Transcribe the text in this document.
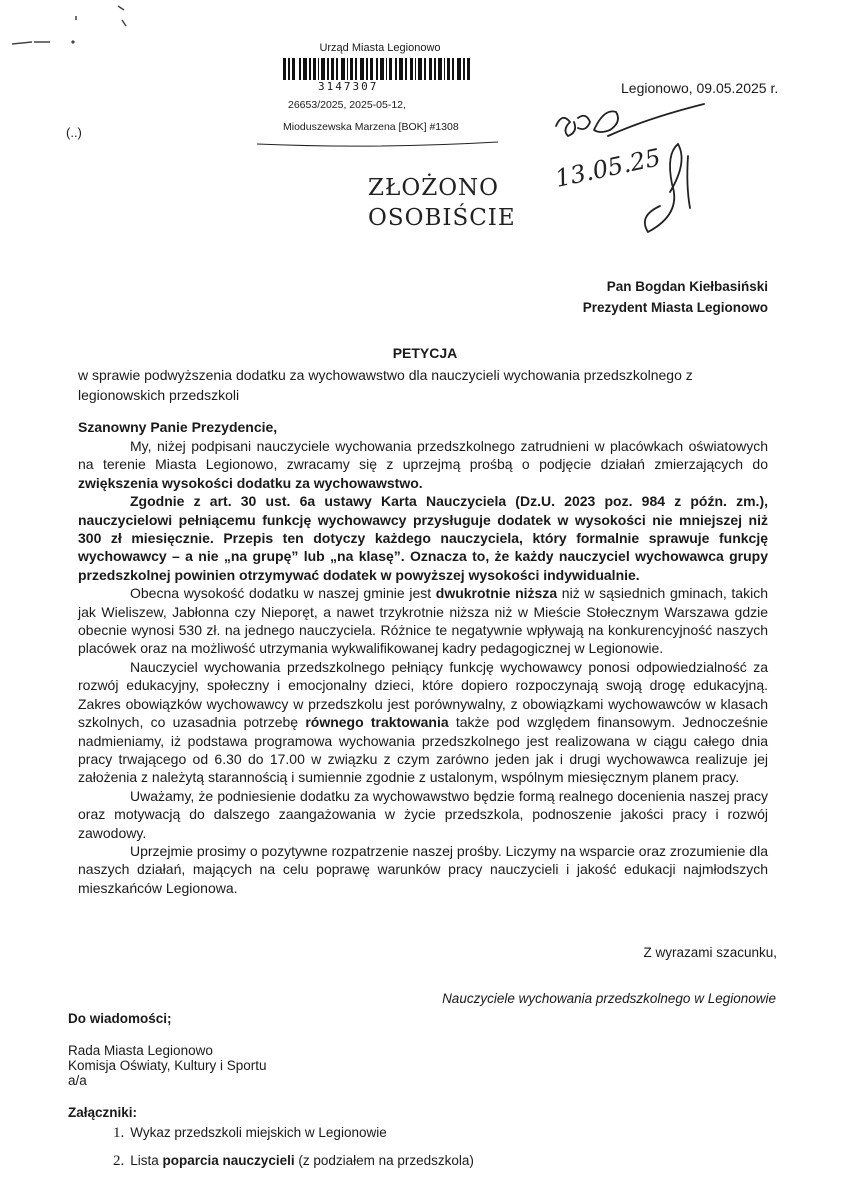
Urząd Miasta Legionowo
3147307
26653/2025, 2025-05-12,
Mioduszewska Marzena [BOK] #1308
(..)
Legionowo, 09.05.2025 r.
ZŁOŻONO
OSOBIŚCIE
13.05.25
Pan Bogdan Kiełbasiński
Prezydent Miasta Legionowo
PETYCJA
w sprawie podwyższenia dodatku za wychowawstwo dla nauczycieli wychowania przedszkolnego z legionowskich przedszkoli
Szanowny Panie Prezydencie,

My, niżej podpisani nauczyciele wychowania przedszkolnego zatrudnieni w placówkach oświatowych na terenie Miasta Legionowo, zwracamy się z uprzejmą prośbą o podjęcie działań zmierzających do zwiększenia wysokości dodatku za wychowawstwo.

Zgodnie z art. 30 ust. 6a ustawy Karta Nauczyciela (Dz.U. 2023 poz. 984 z późn. zm.), nauczycielowi pełniącemu funkcję wychowawcy przysługuje dodatek w wysokości nie mniejszej niż 300 zł miesięcznie. Przepis ten dotyczy każdego nauczyciela, który formalnie sprawuje funkcję wychowawcy – a nie „na grupę” lub „na klasę”. Oznacza to, że każdy nauczyciel wychowawca grupy przedszkolnej powinien otrzymywać dodatek w powyższej wysokości indywidualnie.

Obecna wysokość dodatku w naszej gminie jest dwukrotnie niższa niż w sąsiednich gminach, takich jak Wieliszew, Jabłonna czy Nieporęt, a nawet trzykrotnie niższa niż w Mieście Stołecznym Warszawa gdzie obecnie wynosi 530 zł. na jednego nauczyciela. Różnice te negatywnie wpływają na konkurencyjność naszych placówek oraz na możliwość utrzymania wykwalifikowanej kadry pedagogicznej w Legionowie.

Nauczyciel wychowania przedszkolnego pełniący funkcję wychowawcy ponosi odpowiedzialność za rozwój edukacyjny, społeczny i emocjonalny dzieci, które dopiero rozpoczynają swoją drogę edukacyjną. Zakres obowiązków wychowawcy w przedszkolu jest porównywalny, z obowiązkami wychowawców w klasach szkolnych, co uzasadnia potrzebę równego traktowania także pod względem finansowym. Jednocześnie nadmieniamy, iż podstawa programowa wychowania przedszkolnego jest realizowana w ciągu całego dnia pracy trwającego od 6.30 do 17.00 w związku z czym zarówno jeden jak i drugi wychowawca realizuje jej założenia z należytą starannością i sumiennie zgodnie z ustalonym, wspólnym miesięcznym planem pracy.

Uważamy, że podniesienie dodatku za wychowawstwo będzie formą realnego docenienia naszej pracy oraz motywacją do dalszego zaangażowania w życie przedszkola, podnoszenie jakości pracy i rozwój zawodowy.

Uprzejmie prosimy o pozytywne rozpatrzenie naszej prośby. Liczymy na wsparcie oraz zrozumienie dla naszych działań, mających na celu poprawę warunków pracy nauczycieli i jakość edukacji najmłodszych mieszkańców Legionowa.

Z wyrazami szacunku,
Nauczyciele wychowania przedszkolnego w Legionowie
Do wiadomości;
Rada Miasta Legionowo
Komisja Oświaty, Kultury i Sportu
a/a
Załączniki:
1. Wykaz przedszkoli miejskich w Legionowie
2. Lista poparcia nauczycieli (z podziałem na przedszkola)
